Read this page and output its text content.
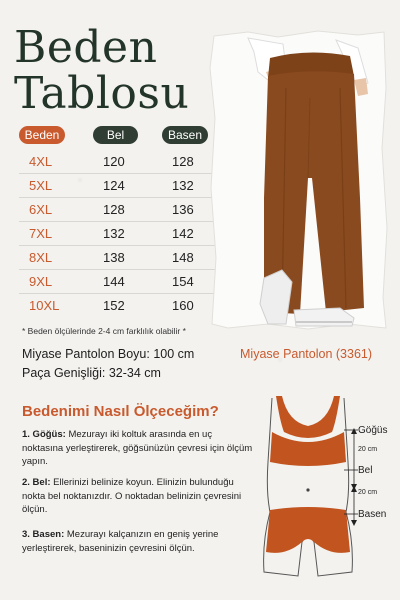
Beden
Tablosu
Beden	Bel	Basen
4XL	120	128
5XL	124	132
6XL	128	136
7XL	132	142
8XL	138	148
9XL	144	154
10XL	152	160
* Beden ölçülerinde 2-4 cm farklılık olabilir *
Miyase Pantolon Boyu: 100 cm
Paça Genişliği: 32-34 cm
Miyase Pantolon (3361)
Bedenimi Nasıl Ölçeceğim?
1. Göğüs: Mezurayı iki koltuk arasında en uç noktasına yerleştirerek, göğsünüzün çevresi için ölçüm yapın.
2. Bel: Ellerinizi belinize koyun. Elinizin bulunduğu nokta bel noktanızdır. O noktadan belinizin çevresini ölçün.
3. Basen: Mezurayı kalçanızın en geniş yerine yerleştirerek, baseninizin çevresini ölçün.
Göğüs
20 cm
Bel
20 cm
Basen
